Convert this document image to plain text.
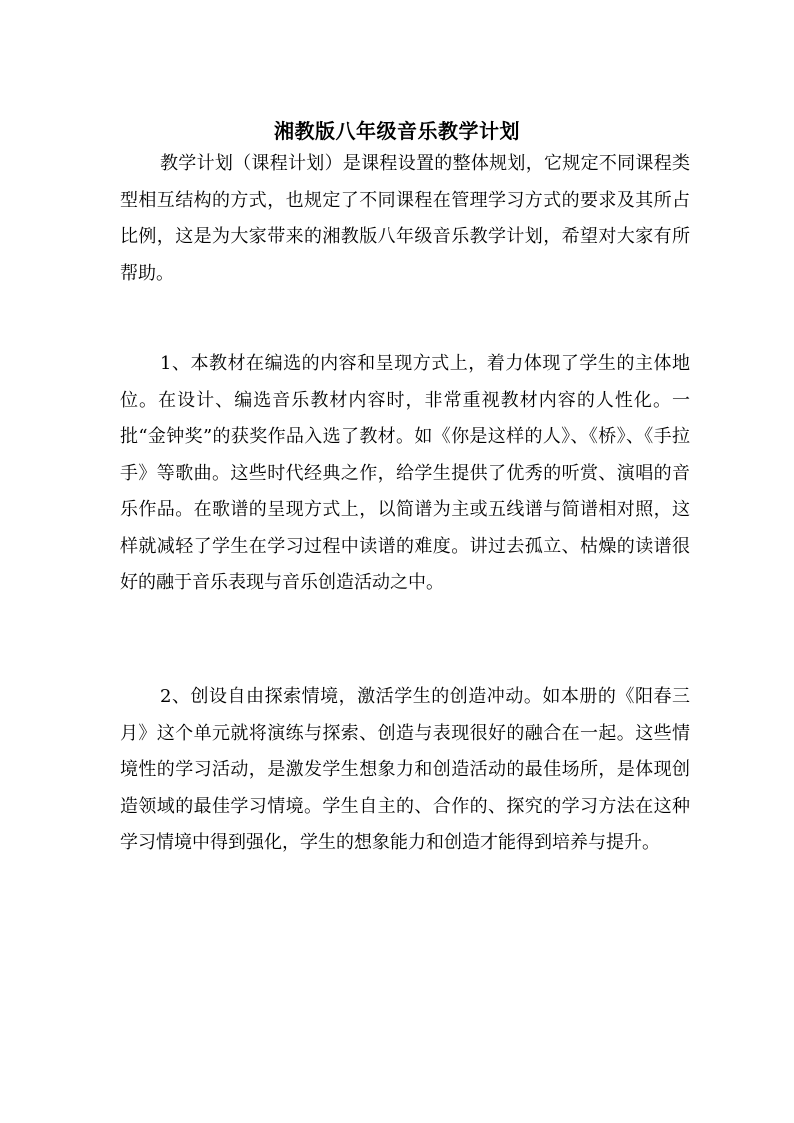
湘教版八年级音乐教学计划

教学计划（课程计划）是课程设置的整体规划，它规定不同课程类型相互结构的方式，也规定了不同课程在管理学习方式的要求及其所占比例，这是为大家带来的湘教版八年级音乐教学计划，希望对大家有所帮助。

1、本教材在编选的内容和呈现方式上，着力体现了学生的主体地位。在设计、编选音乐教材内容时，非常重视教材内容的人性化。一批“金钟奖”的获奖作品入选了教材。如《你是这样的人》、《桥》、《手拉手》等歌曲。这些时代经典之作，给学生提供了优秀的听赏、演唱的音乐作品。在歌谱的呈现方式上，以简谱为主或五线谱与简谱相对照，这样就减轻了学生在学习过程中读谱的难度。讲过去孤立、枯燥的读谱很好的融于音乐表现与音乐创造活动之中。

2、创设自由探索情境，激活学生的创造冲动。如本册的《阳春三月》这个单元就将演练与探索、创造与表现很好的融合在一起。这些情境性的学习活动，是激发学生想象力和创造活动的最佳场所，是体现创造领域的最佳学习情境。学生自主的、合作的、探究的学习方法在这种学习情境中得到强化，学生的想象能力和创造才能得到培养与提升。
